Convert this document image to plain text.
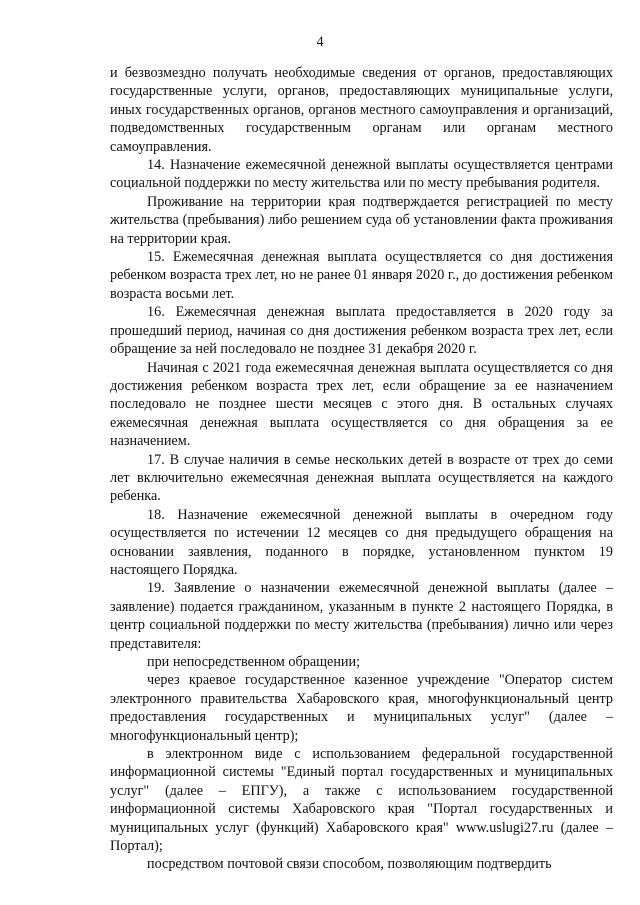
4

и безвозмездно получать необходимые сведения от органов, предоставляющих государственные услуги, органов, предоставляющих муниципальные услуги, иных государственных органов, органов местного самоуправления и организаций, подведомственных государственным органам или органам местного самоуправления.

14. Назначение ежемесячной денежной выплаты осуществляется центрами социальной поддержки по месту жительства или по месту пребывания родителя.

Проживание на территории края подтверждается регистрацией по месту жительства (пребывания) либо решением суда об установлении факта проживания на территории края.

15. Ежемесячная денежная выплата осуществляется со дня достижения ребенком возраста трех лет, но не ранее 01 января 2020 г., до достижения ребенком возраста восьми лет.

16. Ежемесячная денежная выплата предоставляется в 2020 году за прошедший период, начиная со дня достижения ребенком возраста трех лет, если обращение за ней последовало не позднее 31 декабря 2020 г.

Начиная с 2021 года ежемесячная денежная выплата осуществляется со дня достижения ребенком возраста трех лет, если обращение за ее назначением последовало не позднее шести месяцев с этого дня. В остальных случаях ежемесячная денежная выплата осуществляется со дня обращения за ее назначением.

17. В случае наличия в семье нескольких детей в возрасте от трех до семи лет включительно ежемесячная денежная выплата осуществляется на каждого ребенка.

18. Назначение ежемесячной денежной выплаты в очередном году осуществляется по истечении 12 месяцев со дня предыдущего обращения на основании заявления, поданного в порядке, установленном пунктом 19 настоящего Порядка.

19. Заявление о назначении ежемесячной денежной выплаты (далее – заявление) подается гражданином, указанным в пункте 2 настоящего Порядка, в центр социальной поддержки по месту жительства (пребывания) лично или через представителя:

при непосредственном обращении;

через краевое государственное казенное учреждение "Оператор систем электронного правительства Хабаровского края, многофункциональный центр предоставления государственных и муниципальных услуг" (далее – многофункциональный центр);

в электронном виде с использованием федеральной государственной информационной системы "Единый портал государственных и муниципальных услуг" (далее – ЕПГУ), а также с использованием государственной информационной системы Хабаровского края "Портал государственных и муниципальных услуг (функций) Хабаровского края" www.uslugi27.ru (далее – Портал);

посредством почтовой связи способом, позволяющим подтвердить
